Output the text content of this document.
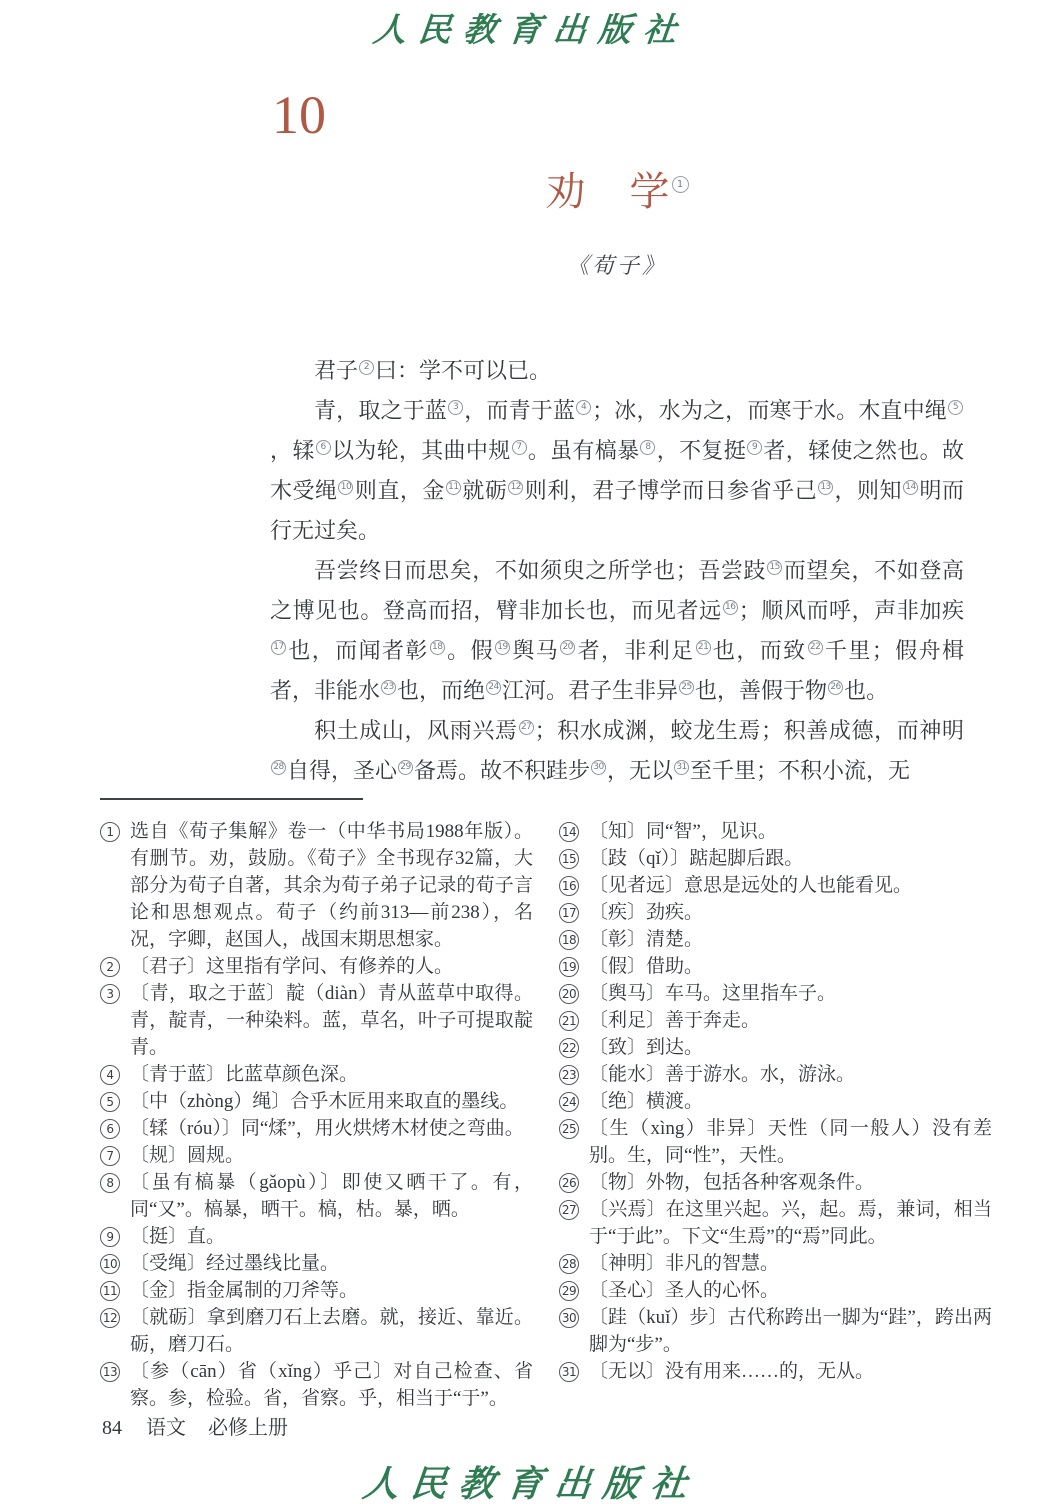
人民教育出版社
10
劝　学 1
《荀子》

君子 2 曰：学不可以已。

青，取之于蓝 3 ，而青于蓝 4 ；冰，水为之，而寒于水。木直中绳 5，𫐓 6 以为轮，其曲中规 7 。虽有槁暴 8 ，不复挺 9 者，𫐓使之然也。故木受绳 10 则直，金 11 就砺 12 则利，君子博学而日参省乎己 13 ，则知 14 明而行无过矣。

吾尝终日而思矣，不如须臾之所学也；吾尝跂 15 而望矣，不如登高之博见也。登高而招，臂非加长也，而见者远 16 ；顺风而呼，声非加疾17 也，而闻者彰 18 。假 19 舆马 20 者，非利足 21 也，而致 22 千里；假舟楫者，非能水 23 也，而绝 24 江河。君子生非异 25 也，善假于物 26 也。

积土成山，风雨兴焉 27 ；积水成渊，蛟龙生焉；积善成德，而神明28 自得，圣心 29 备焉。故不积跬步 30 ，无以 31 至千里；不积小流，无

1 选自《荀子集解》卷一（中华书局1988年版）。有删节。劝，鼓励。《荀子》全书现存32篇，大部分为荀子自著，其余为荀子弟子记录的荀子言论和思想观点。荀子（约前313—前238），名况，字卿，赵国人，战国末期思想家。
2 〔君子〕这里指有学问、有修养的人。
3 〔青，取之于蓝〕靛（diàn）青从蓝草中取得。青，靛青，一种染料。蓝，草名，叶子可提取靛青。
4 〔青于蓝〕比蓝草颜色深。
5 〔中（zhòng）绳〕合乎木匠用来取直的墨线。
6 〔𫐓（róu）〕同“煣”，用火烘烤木材使之弯曲。
7 〔规〕圆规。
8 〔虽有槁暴（gǎopù）〕即使又晒干了。有，同“又”。槁暴，晒干。槁，枯。暴，晒。
9 〔挺〕直。
10 〔受绳〕经过墨线比量。
11 〔金〕指金属制的刀斧等。
12 〔就砺〕拿到磨刀石上去磨。就，接近、靠近。砺，磨刀石。
13 〔参（cān）省（xǐng）乎己〕对自己检查、省察。参，检验。省，省察。乎，相当于“于”。
14 〔知〕同“智”，见识。
15 〔跂（qǐ）〕踮起脚后跟。
16 〔见者远〕意思是远处的人也能看见。
17 〔疾〕劲疾。
18 〔彰〕清楚。
19 〔假〕借助。
20 〔舆马〕车马。这里指车子。
21 〔利足〕善于奔走。
22 〔致〕到达。
23 〔能水〕善于游水。水，游泳。
24 〔绝〕横渡。
25 〔生（xìng）非异〕天性（同一般人）没有差别。生，同“性”，天性。
26 〔物〕外物，包括各种客观条件。
27 〔兴焉〕在这里兴起。兴，起。焉，兼词，相当于“于此”。下文“生焉”的“焉”同此。
28 〔神明〕非凡的智慧。
29 〔圣心〕圣人的心怀。
30 〔跬（kuǐ）步〕古代称跨出一脚为“跬”，跨出两脚为“步”。
31 〔无以〕没有用来……的，无从。
84 语文 必修上册
人民教育出版社
